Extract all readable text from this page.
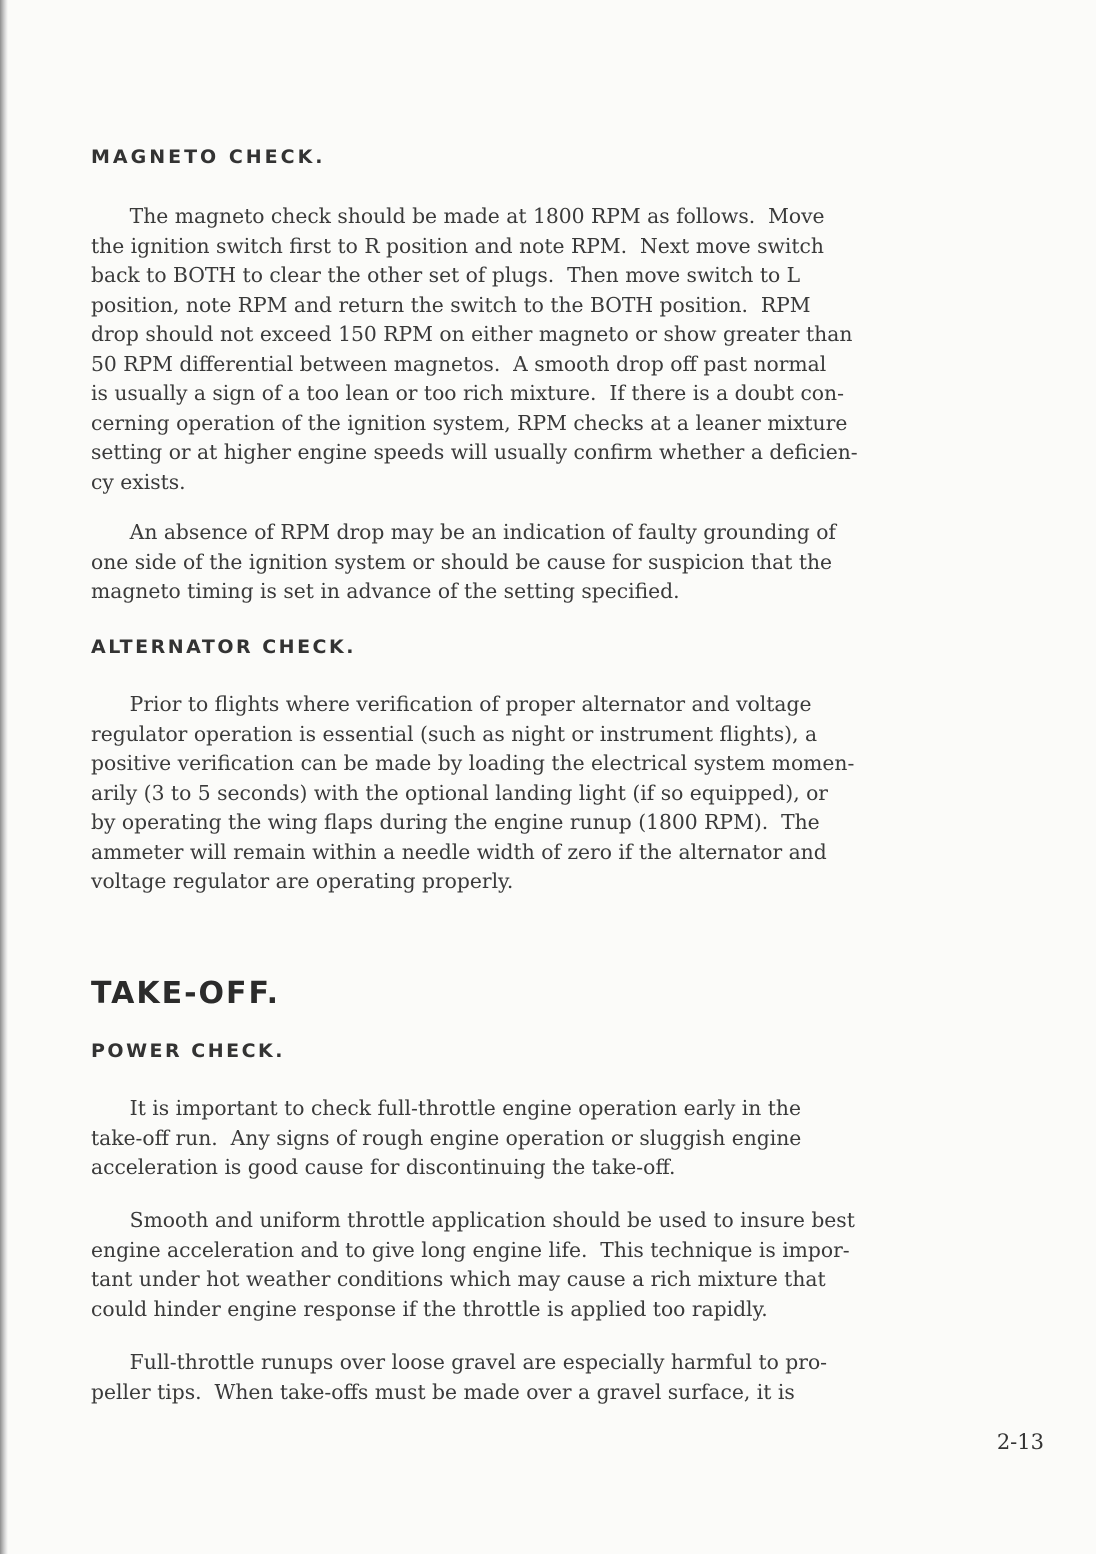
MAGNETO CHECK.

The magneto check should be made at 1800 RPM as follows.  Move
the ignition switch first to R position and note RPM.  Next move switch
back to BOTH to clear the other set of plugs.  Then move switch to L
position, note RPM and return the switch to the BOTH position.  RPM
drop should not exceed 150 RPM on either magneto or show greater than
50 RPM differential between magnetos.  A smooth drop off past normal
is usually a sign of a too lean or too rich mixture.  If there is a doubt con-
cerning operation of the ignition system, RPM checks at a leaner mixture
setting or at higher engine speeds will usually confirm whether a deficien-
cy exists.

An absence of RPM drop may be an indication of faulty grounding of
one side of the ignition system or should be cause for suspicion that the
magneto timing is set in advance of the setting specified.

ALTERNATOR CHECK.

Prior to flights where verification of proper alternator and voltage
regulator operation is essential (such as night or instrument flights), a
positive verification can be made by loading the electrical system momen-
arily (3 to 5 seconds) with the optional landing light (if so equipped), or
by operating the wing flaps during the engine runup (1800 RPM).  The
ammeter will remain within a needle width of zero if the alternator and
voltage regulator are operating properly.

TAKE-OFF.
POWER CHECK.

It is important to check full-throttle engine operation early in the
take-off run.  Any signs of rough engine operation or sluggish engine
acceleration is good cause for discontinuing the take-off.

Smooth and uniform throttle application should be used to insure best
engine acceleration and to give long engine life.  This technique is impor-
tant under hot weather conditions which may cause a rich mixture that
could hinder engine response if the throttle is applied too rapidly.

Full-throttle runups over loose gravel are especially harmful to pro-
peller tips.  When take-offs must be made over a gravel surface, it is

2-13
